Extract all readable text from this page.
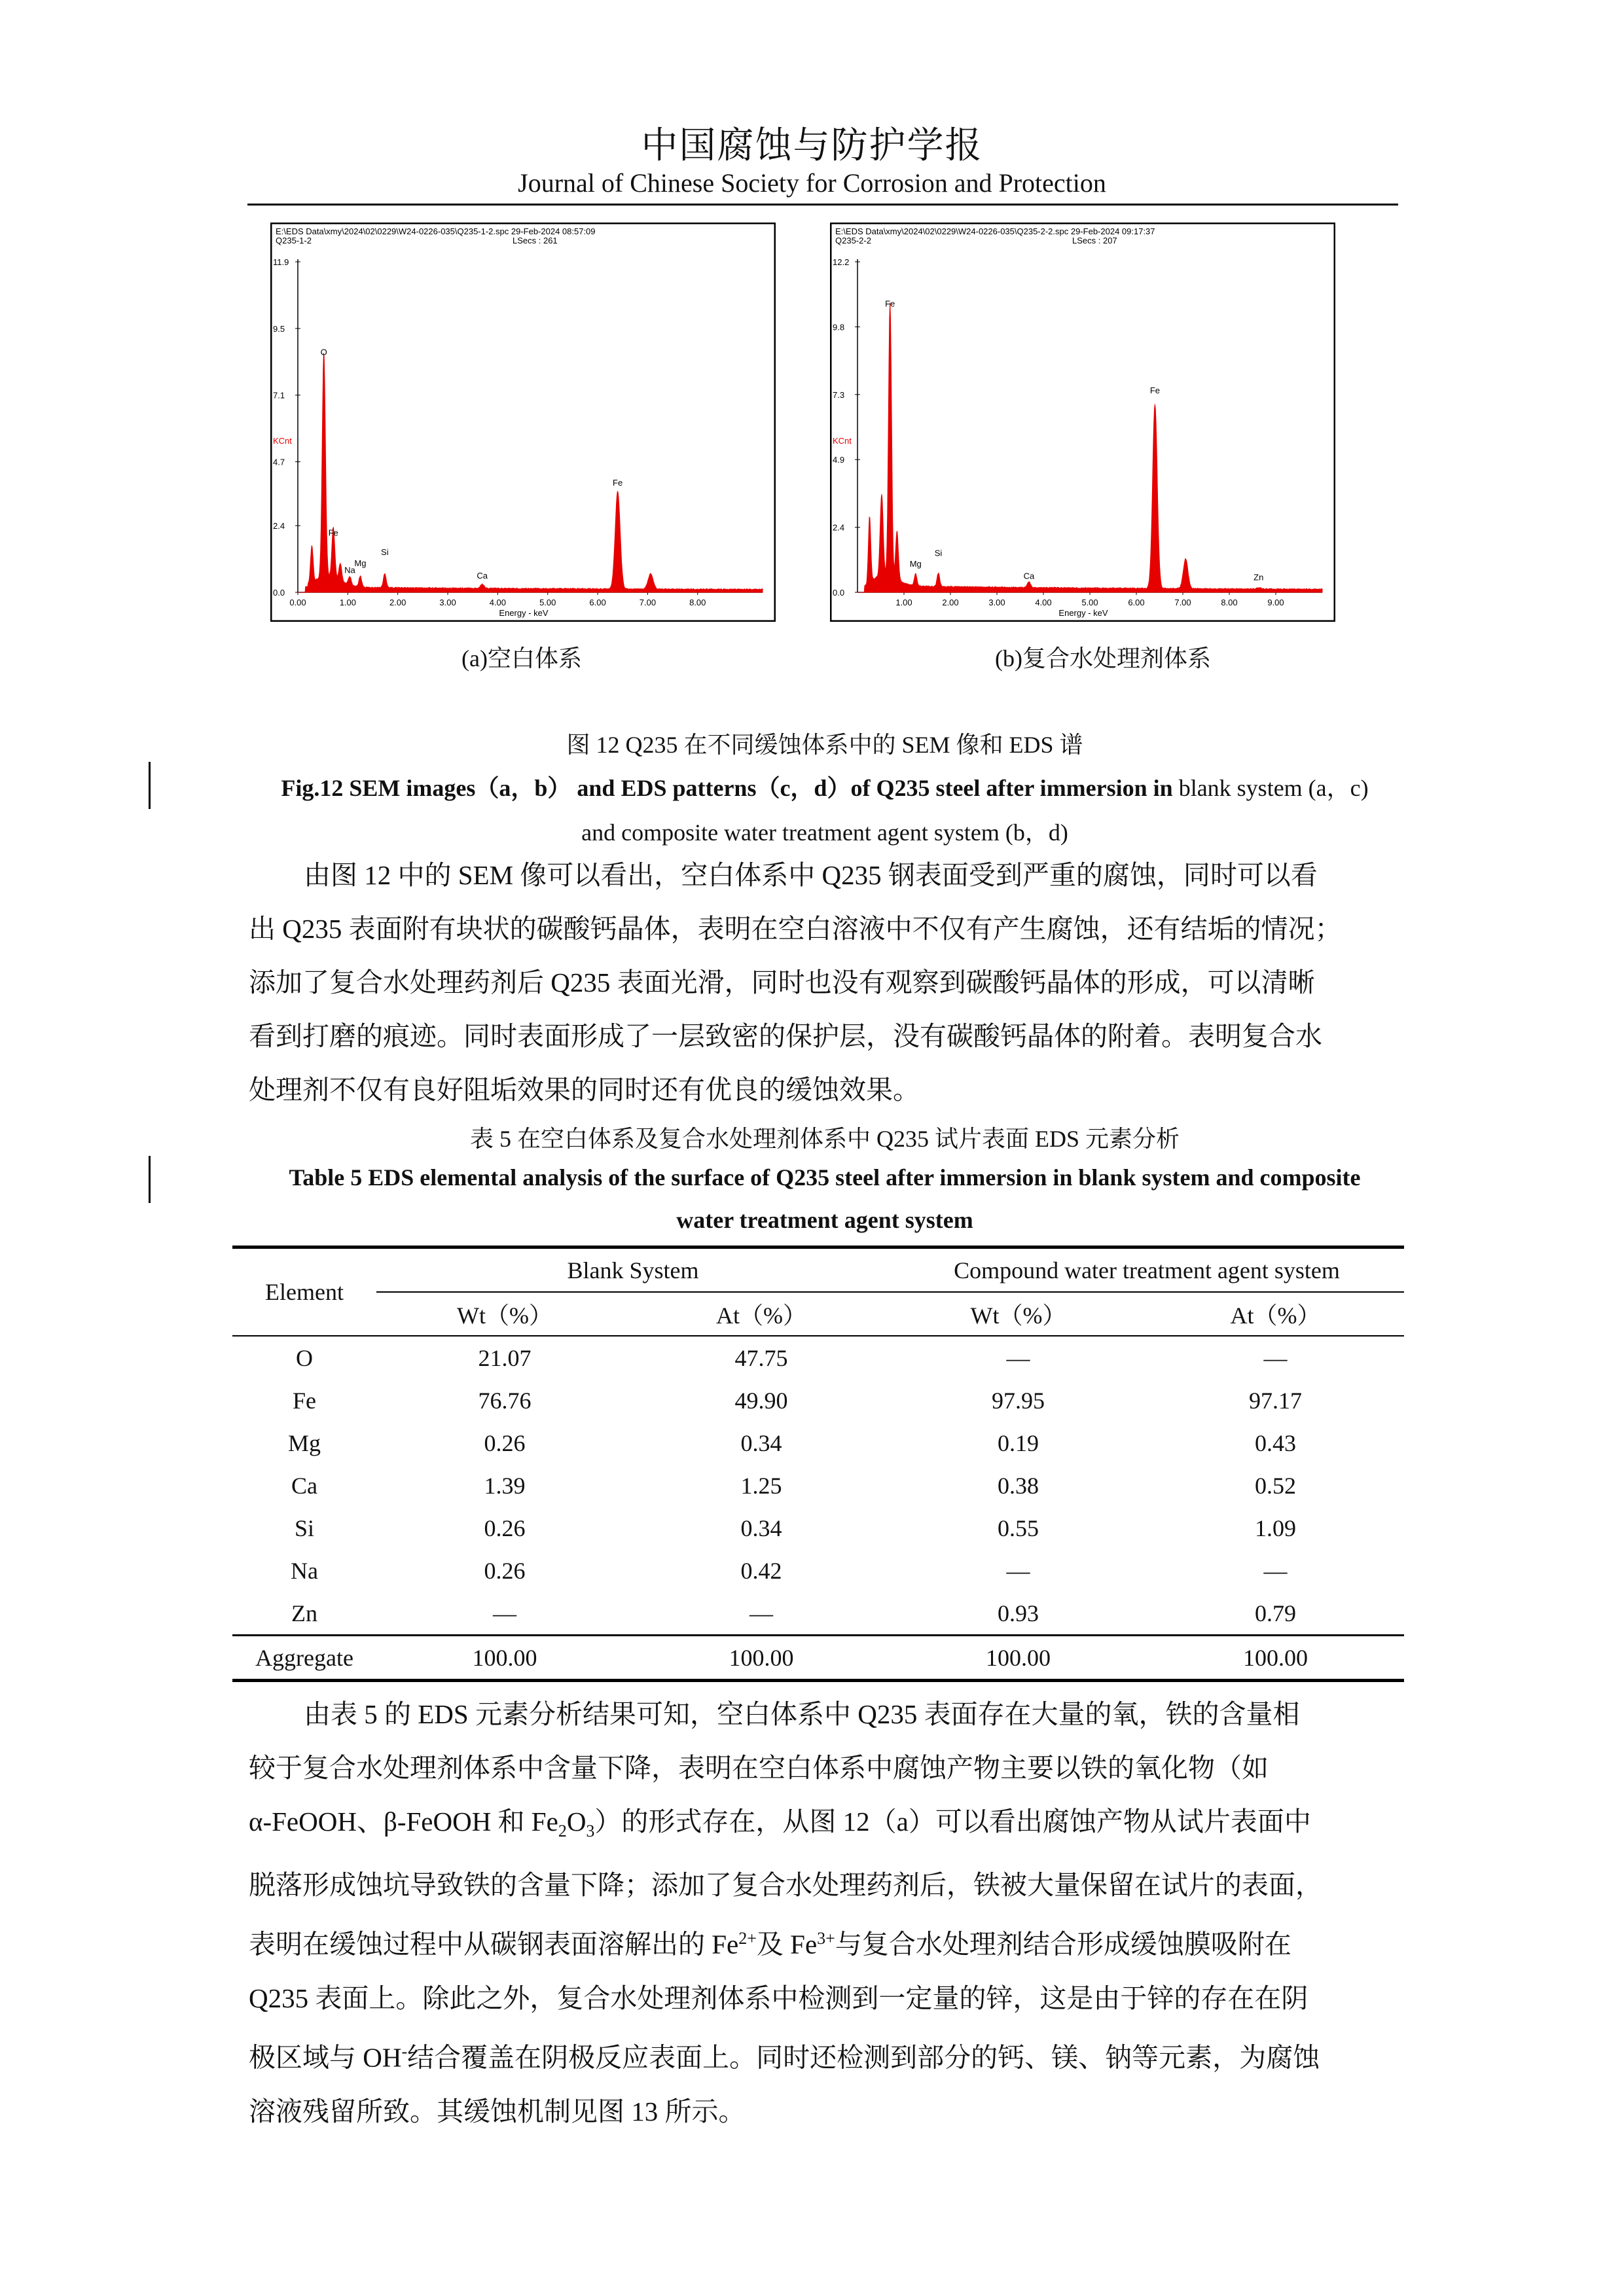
中国腐蚀与防护学报
Journal of Chinese Society for Corrosion and Protection
E:\EDS Data\xmy\2024\02\0229\W24-0226-035\Q235-1-2.spc 29-Feb-2024 08:57:09
Q235-1-2	LSecs : 261
11.9
9.5
7.1
4.7
2.4
0.0
KCnt
0.00	1.00	2.00	3.00	4.00	5.00	6.00	7.00	8.00
Energy - keV
O
Fe
Na
Mg
Si
Ca
Fe
E:\EDS Data\xmy\2024\02\0229\W24-0226-035\Q235-2-2.spc 29-Feb-2024 09:17:37
Q235-2-2	LSecs : 207
12.2
9.8
7.3
4.9
2.4
0.0
KCnt
1.00	2.00	3.00	4.00	5.00	6.00	7.00	8.00	9.00
Energy - keV
Fe
Mg
Si
Ca
Fe
Zn
(a)空白体系	(b)复合水处理剂体系
图 12 Q235 在不同缓蚀体系中的 SEM 像和 EDS 谱
Fig.12 SEM images（a，b） and EDS patterns（c，d）of Q235 steel after immersion in blank system (a，c)
and composite water treatment agent system (b，d)
由图 12 中的 SEM 像可以看出，空白体系中 Q235 钢表面受到严重的腐蚀，同时可以看
出 Q235 表面附有块状的碳酸钙晶体，表明在空白溶液中不仅有产生腐蚀，还有结垢的情况；
添加了复合水处理药剂后 Q235 表面光滑，同时也没有观察到碳酸钙晶体的形成，可以清晰
看到打磨的痕迹。同时表面形成了一层致密的保护层，没有碳酸钙晶体的附着。表明复合水
处理剂不仅有良好阻垢效果的同时还有优良的缓蚀效果。
表 5 在空白体系及复合水处理剂体系中 Q235 试片表面 EDS 元素分析
Table 5 EDS elemental analysis of the surface of Q235 steel after immersion in blank system and composite
water treatment agent system
Element	Blank System		Compound water treatment agent system	
	Wt（%）	At（%）	Wt（%）	At（%）
O	21.07	47.75	—	—
Fe	76.76	49.90	97.95	97.17
Mg	0.26	0.34	0.19	0.43
Ca	1.39	1.25	0.38	0.52
Si	0.26	0.34	0.55	1.09
Na	0.26	0.42	—	—
Zn	—	—	0.93	0.79
Aggregate	100.00	100.00	100.00	100.00
由表 5 的 EDS 元素分析结果可知，空白体系中 Q235 表面存在大量的氧，铁的含量相
较于复合水处理剂体系中含量下降，表明在空白体系中腐蚀产物主要以铁的氧化物（如
α-FeOOH、β-FeOOH 和 $Fe_2O_3$）的形式存在，从图 12（a）可以看出腐蚀产物从试片表面中
脱落形成蚀坑导致铁的含量下降；添加了复合水处理药剂后，铁被大量保留在试片的表面，
表明在缓蚀过程中从碳钢表面溶解出的 $Fe^{2+}$及 $Fe^{3+}$与复合水处理剂结合形成缓蚀膜吸附在
Q235 表面上。除此之外，复合水处理剂体系中检测到一定量的锌，这是由于锌的存在在阴
极区域与 OH-结合覆盖在阴极反应表面上。同时还检测到部分的钙、镁、钠等元素，为腐蚀
溶液残留所致。其缓蚀机制见图 13 所示。
